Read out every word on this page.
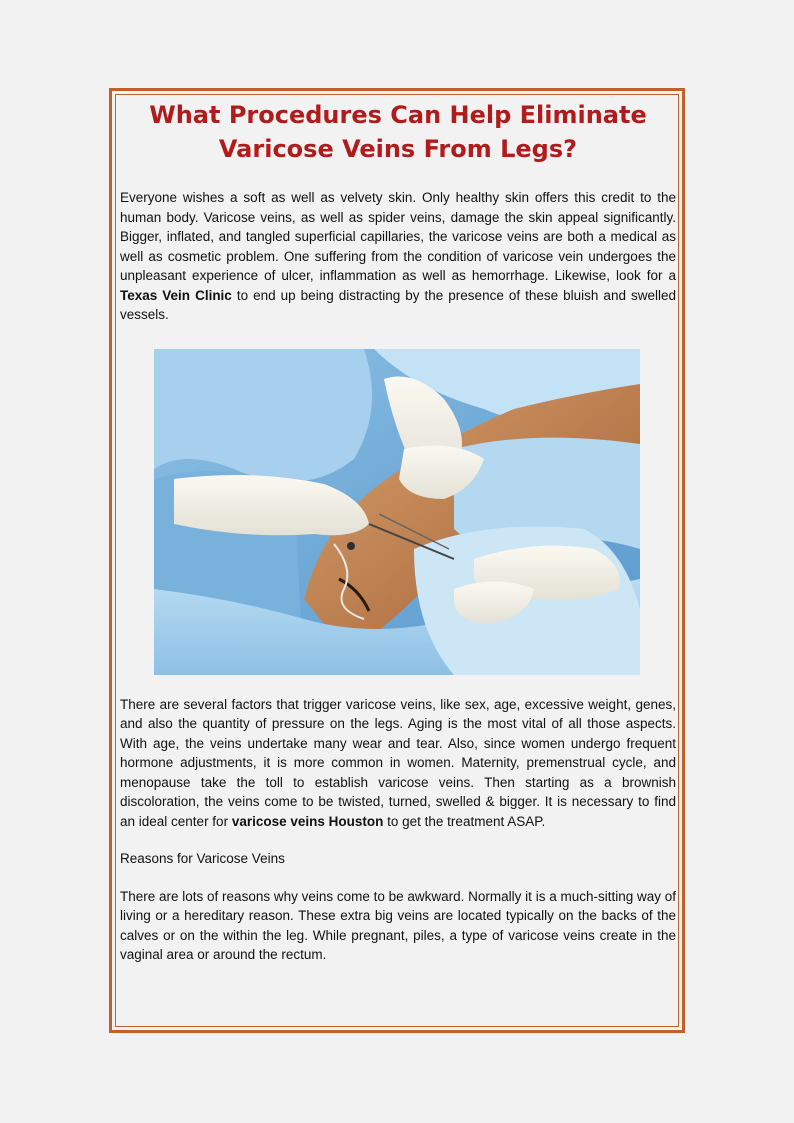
What Procedures Can Help Eliminate
Varicose Veins From Legs?

Everyone wishes a soft as well as velvety skin. Only healthy skin offers this credit to the human body. Varicose veins, as well as spider veins, damage the skin appeal significantly. Bigger, inflated, and tangled superficial capillaries, the varicose veins are both a medical as well as cosmetic problem. One suffering from the condition of varicose vein undergoes the unpleasant experience of ulcer, inflammation as well as hemorrhage. Likewise, look for a Texas Vein Clinic to end up being distracting by the presence of these bluish and swelled vessels.

There are several factors that trigger varicose veins, like sex, age, excessive weight, genes, and also the quantity of pressure on the legs. Aging is the most vital of all those aspects. With age, the veins undertake many wear and tear. Also, since women undergo frequent hormone adjustments, it is more common in women. Maternity, premenstrual cycle, and menopause take the toll to establish varicose veins. Then starting as a brownish discoloration, the veins come to be twisted, turned, swelled & bigger. It is necessary to find an ideal center for varicose veins Houston to get the treatment ASAP.

Reasons for Varicose Veins

There are lots of reasons why veins come to be awkward. Normally it is a much-sitting way of living or a hereditary reason. These extra big veins are located typically on the backs of the calves or on the within the leg. While pregnant, piles, a type of varicose veins create in the vaginal area or around the rectum.
